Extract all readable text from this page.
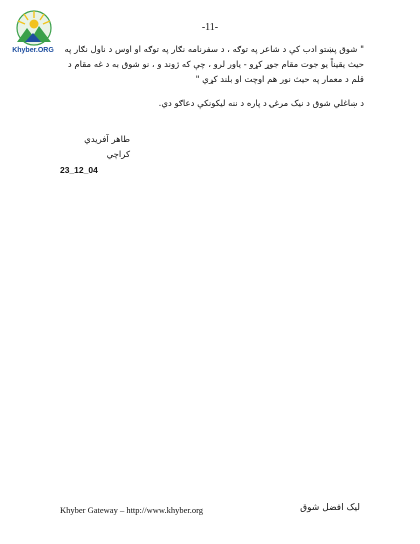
Khyber.ORG
-11-

" شوق پښتو ادب کې د شاعر په توګه ، د سفرنامه نګار په توګه او اوس د ناول نګار په حيث يقيناً يو جوت مقام جوړ کړو - ياور لرو ، چې که ژوند و ، نو شوق به د غه مقام د قلم د معمار په حيث نور هم اوچت او بلند کړي "

د ښاغلي شوق د نيک مرغۍ د پاره د ننه ليکونکې دعاګو دي.

طاهر آفريدي
کراچي
23_12_04
Khyber Gateway – http://www.khyber.org	ليک افضل شوق
